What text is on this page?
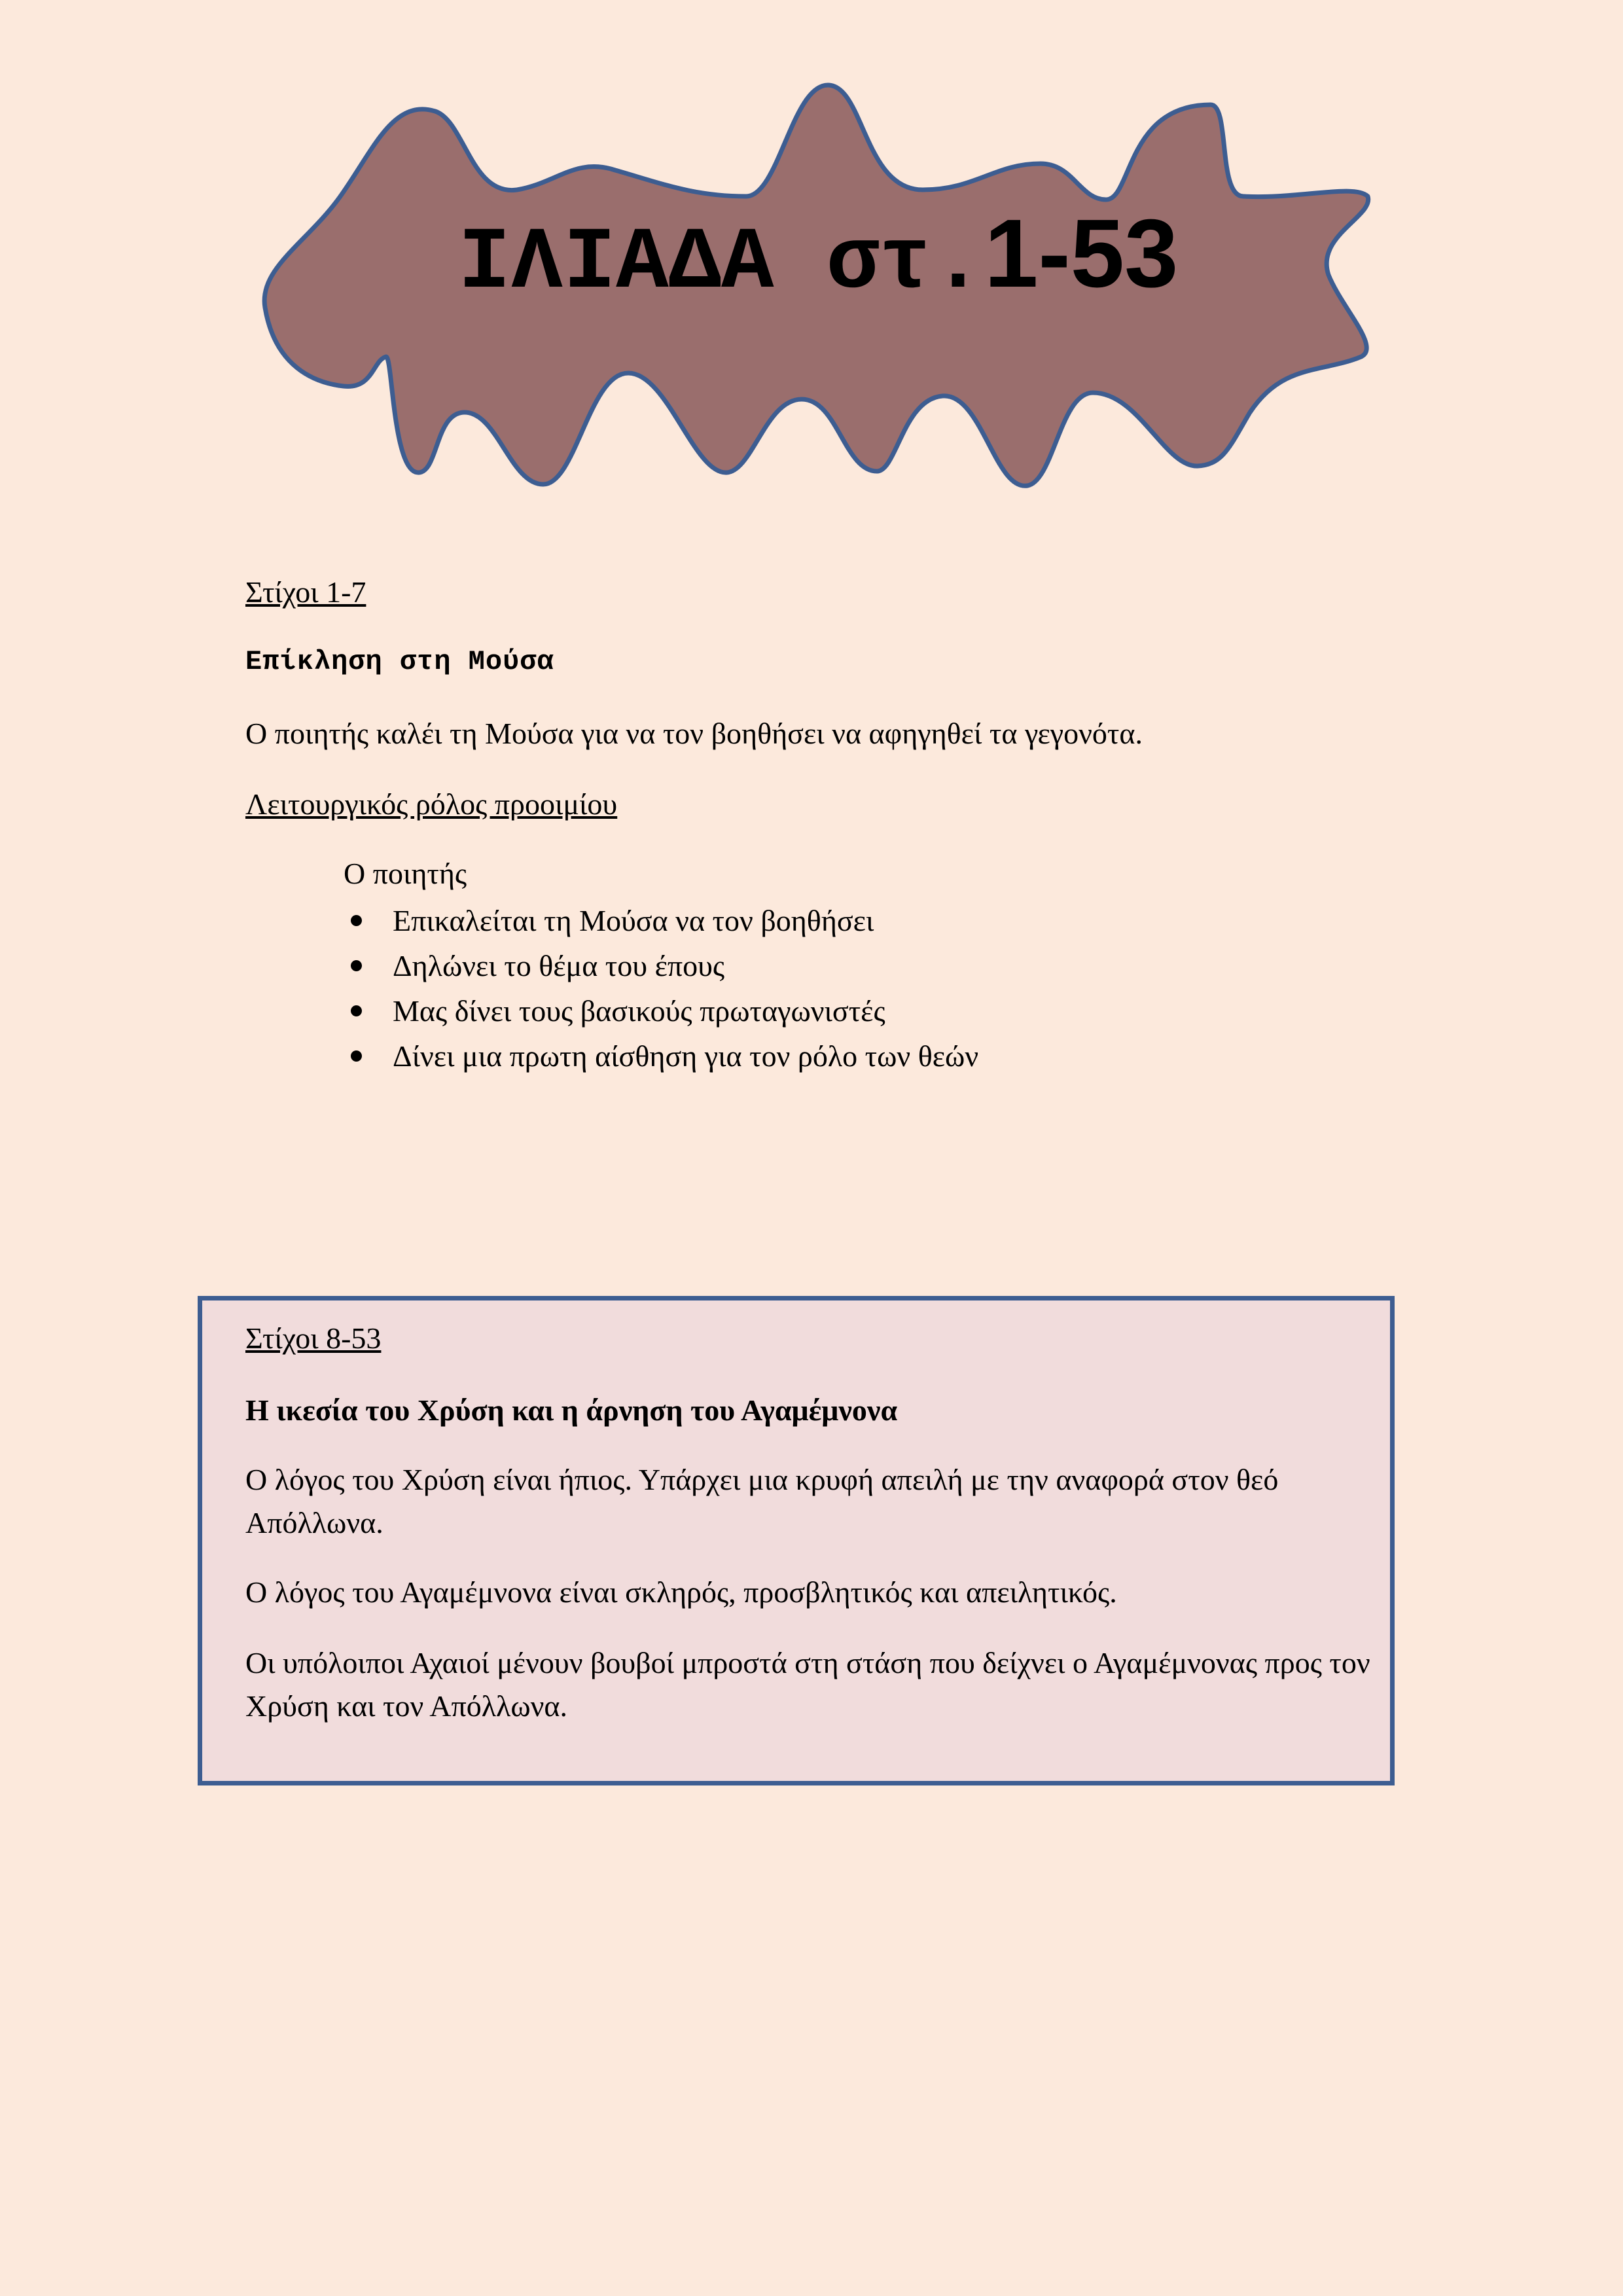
ΙΛΙΑΔΑ στ.1-53
Στίχοι 1-7
Επίκληση στη Μούσα
Ο ποιητής καλέι τη Μούσα για να τον βοηθήσει να αφηγηθεί τα γεγονότα.
Λειτουργικός ρόλος προοιμίου
Ο ποιητής
Επικαλείται τη Μούσα να τον βοηθήσει
Δηλώνει το θέμα του έπους
Μας δίνει τους βασικούς πρωταγωνιστές
Δίνει μια πρωτη αίσθηση για τον ρόλο των θεών
Στίχοι 8-53
Η ικεσία του Χρύση και η άρνηση του Αγαμέμνονα
Ο λόγος του Χρύση είναι ήπιος. Υπάρχει μια κρυφή απειλή με την αναφορά στον θεό Απόλλωνα.
Ο λόγος του Αγαμέμνονα είναι σκληρός, προσβλητικός και απειλητικός.
Οι υπόλοιποι Αχαιοί μένουν βουβοί μπροστά στη στάση που δείχνει ο Αγαμέμνονας προς τον Χρύση και τον Απόλλωνα.
